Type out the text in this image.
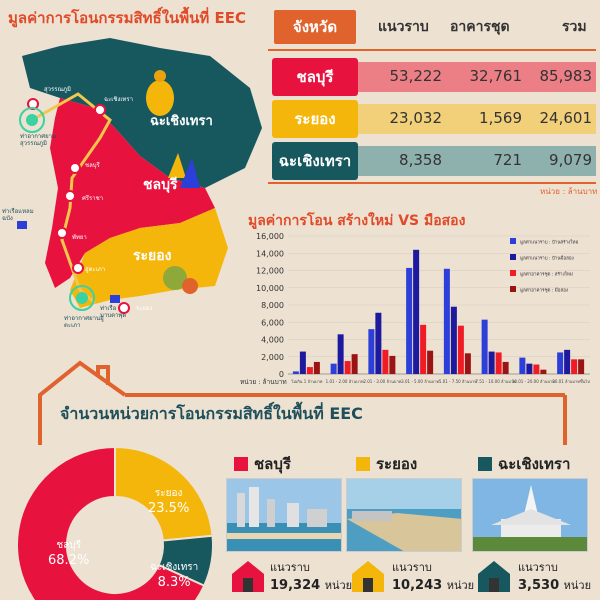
มูลค่าการโอนกรรมสิทธิ์ในพื้นที่ EEC
ฉะเชิงเทรา
ชลบุรี
ระยอง
สุวรรณภูมิ
ฉะเชิงเทรา
ชลบุรี
ศรีราชา
พัทยา
อู่ตะเภา
ระยอง
ท่าอากาศยานสุวรรณภูมิ
ท่าอากาศยานอู่ตะเภา
ท่าเรือแหลมฉบัง
ท่าเรือมาบตาพุด
จังหวัด	แนวราบ อาคารชุด	รวม
ชลบุรี	53,222	32,761	85,983
ระยอง	23,032	1,569	24,601
ฉะเชิงเทรา	8,358	721	9,079
หน่วย : ล้านบาท
มูลค่าการโอน สร้างใหม่ VS มือสอง
0
2,000
4,000
6,000
8,000
10,000
12,000
14,000
16,000
ไม่เกิน 1 ล้านบาท 1.01 - 2.00 ล้านบาท 2.01 - 3.00 ล้านบาท 3.01 - 5.00 ล้านบาท 5.01 - 7.50 ล้านบาท
7.51 - 10.00 ล้านบาท
10.01 - 20.00 ล้านบาท
20.01 ล้านบาทขึ้นไป
หน่วย : ล้านบาท
มูลค่าแนวราบ : บ้านสร้างใหม่
มูลค่าแนวราบ : บ้านมือสอง
มูลค่าอาคารชุด : สร้างใหม่
มูลค่าอาคารชุด : มือสอง
จำนวนหน่วยการโอนกรรมสิทธิ์ในพื้นที่ EEC
ชลบุรี
68.2%
ระยอง
23.5%
ฉะเชิงเทรา
8.3%
ชลบุรี	ระยอง	ฉะเชิงเทรา
แนวราบ
19,324 หน่วย
แนวราบ
10,243 หน่วย
แนวราบ
3,530 หน่วย
